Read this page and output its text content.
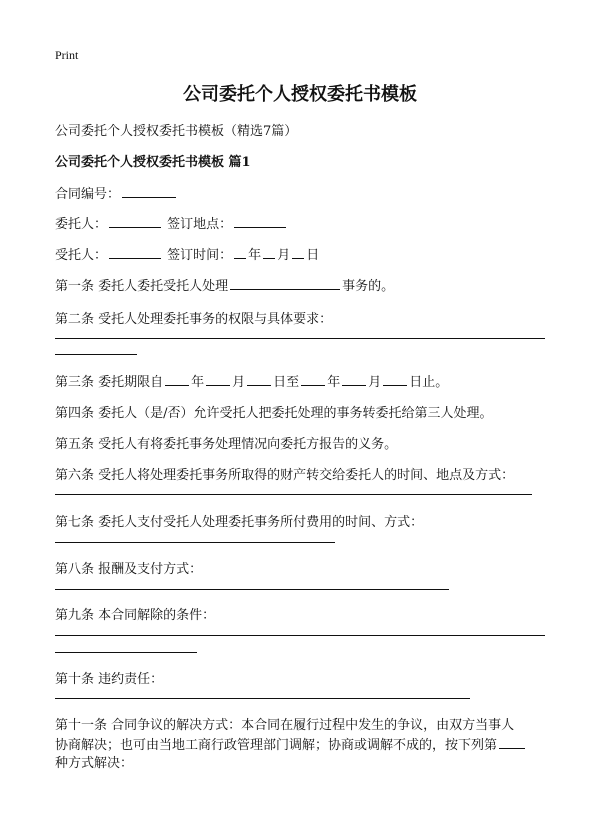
Print
公司委托个人授权委托书模板
公司委托个人授权委托书模板（精选7篇）
公司委托个人授权委托书模板 篇1
合同编号：
委托人：	签订地点：
受托人：	签订时间： 年 月 日
第一条 委托人委托受托人处理	事务的。
第二条 受托人处理委托事务的权限与具体要求：
第三条 委托期限自 年 月 日至 年 月 日止。
第四条 委托人（是/否）允许受托人把委托处理的事务转委托给第三人处理。
第五条 受托人有将委托事务处理情况向委托方报告的义务。
第六条 受托人将处理委托事务所取得的财产转交给委托人的时间、地点及方式：
第七条 委托人支付受托人处理委托事务所付费用的时间、方式：
第八条 报酬及支付方式：
第九条 本合同解除的条件：
第十条 违约责任：
第十一条 合同争议的解决方式：本合同在履行过程中发生的争议，由双方当事人
协商解决；也可由当地工商行政管理部门调解；协商或调解不成的，按下列第
种方式解决：
